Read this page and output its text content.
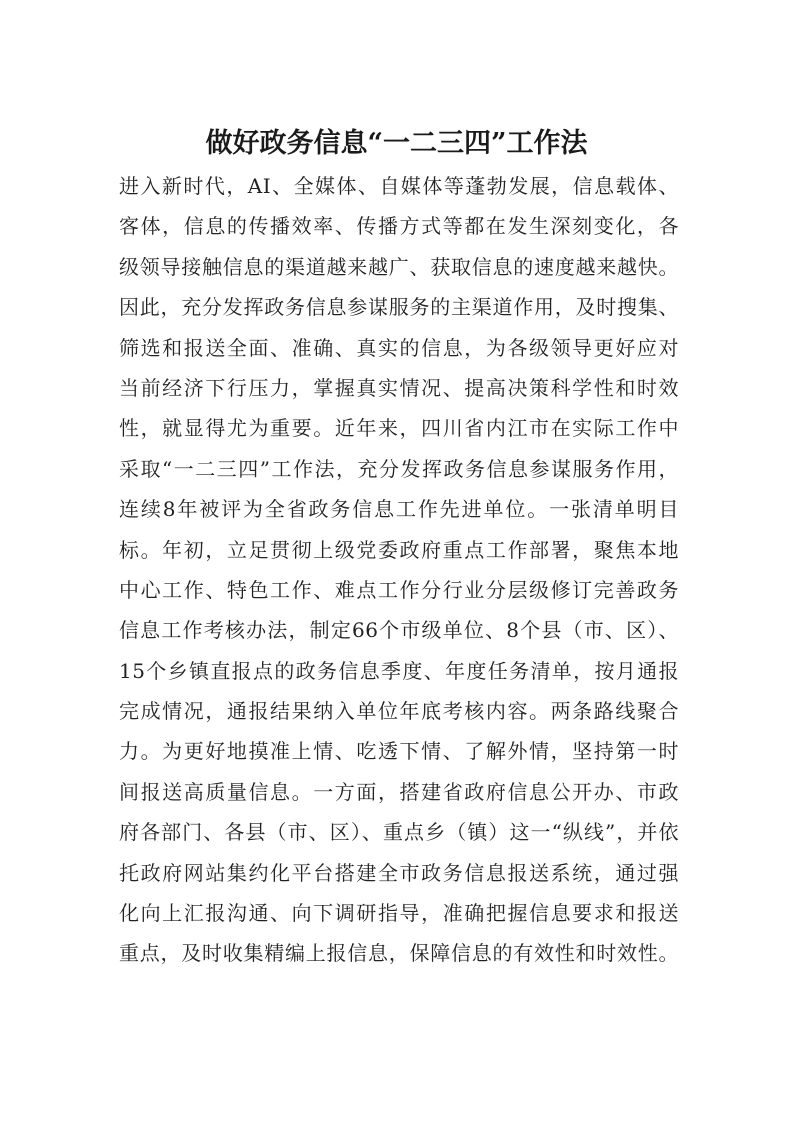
做好政务信息“一二三四”工作法
进入新时代，AI、全媒体、自媒体等蓬勃发展，信息载体、
客体，信息的传播效率、传播方式等都在发生深刻变化，各
级领导接触信息的渠道越来越广、获取信息的速度越来越快。
因此，充分发挥政务信息参谋服务的主渠道作用，及时搜集、
筛选和报送全面、准确、真实的信息，为各级领导更好应对
当前经济下行压力，掌握真实情况、提高决策科学性和时效
性，就显得尤为重要。近年来，四川省内江市在实际工作中
采取“一二三四”工作法，充分发挥政务信息参谋服务作用，
连续8年被评为全省政务信息工作先进单位。一张清单明目
标。年初，立足贯彻上级党委政府重点工作部署，聚焦本地
中心工作、特色工作、难点工作分行业分层级修订完善政务
信息工作考核办法，制定66个市级单位、8个县（市、区）、
15个乡镇直报点的政务信息季度、年度任务清单，按月通报
完成情况，通报结果纳入单位年底考核内容。两条路线聚合
力。为更好地摸准上情、吃透下情、了解外情，坚持第一时
间报送高质量信息。一方面，搭建省政府信息公开办、市政
府各部门、各县（市、区）、重点乡（镇）这一“纵线”，并依
托政府网站集约化平台搭建全市政务信息报送系统，通过强
化向上汇报沟通、向下调研指导，准确把握信息要求和报送
重点，及时收集精编上报信息，保障信息的有效性和时效性。
